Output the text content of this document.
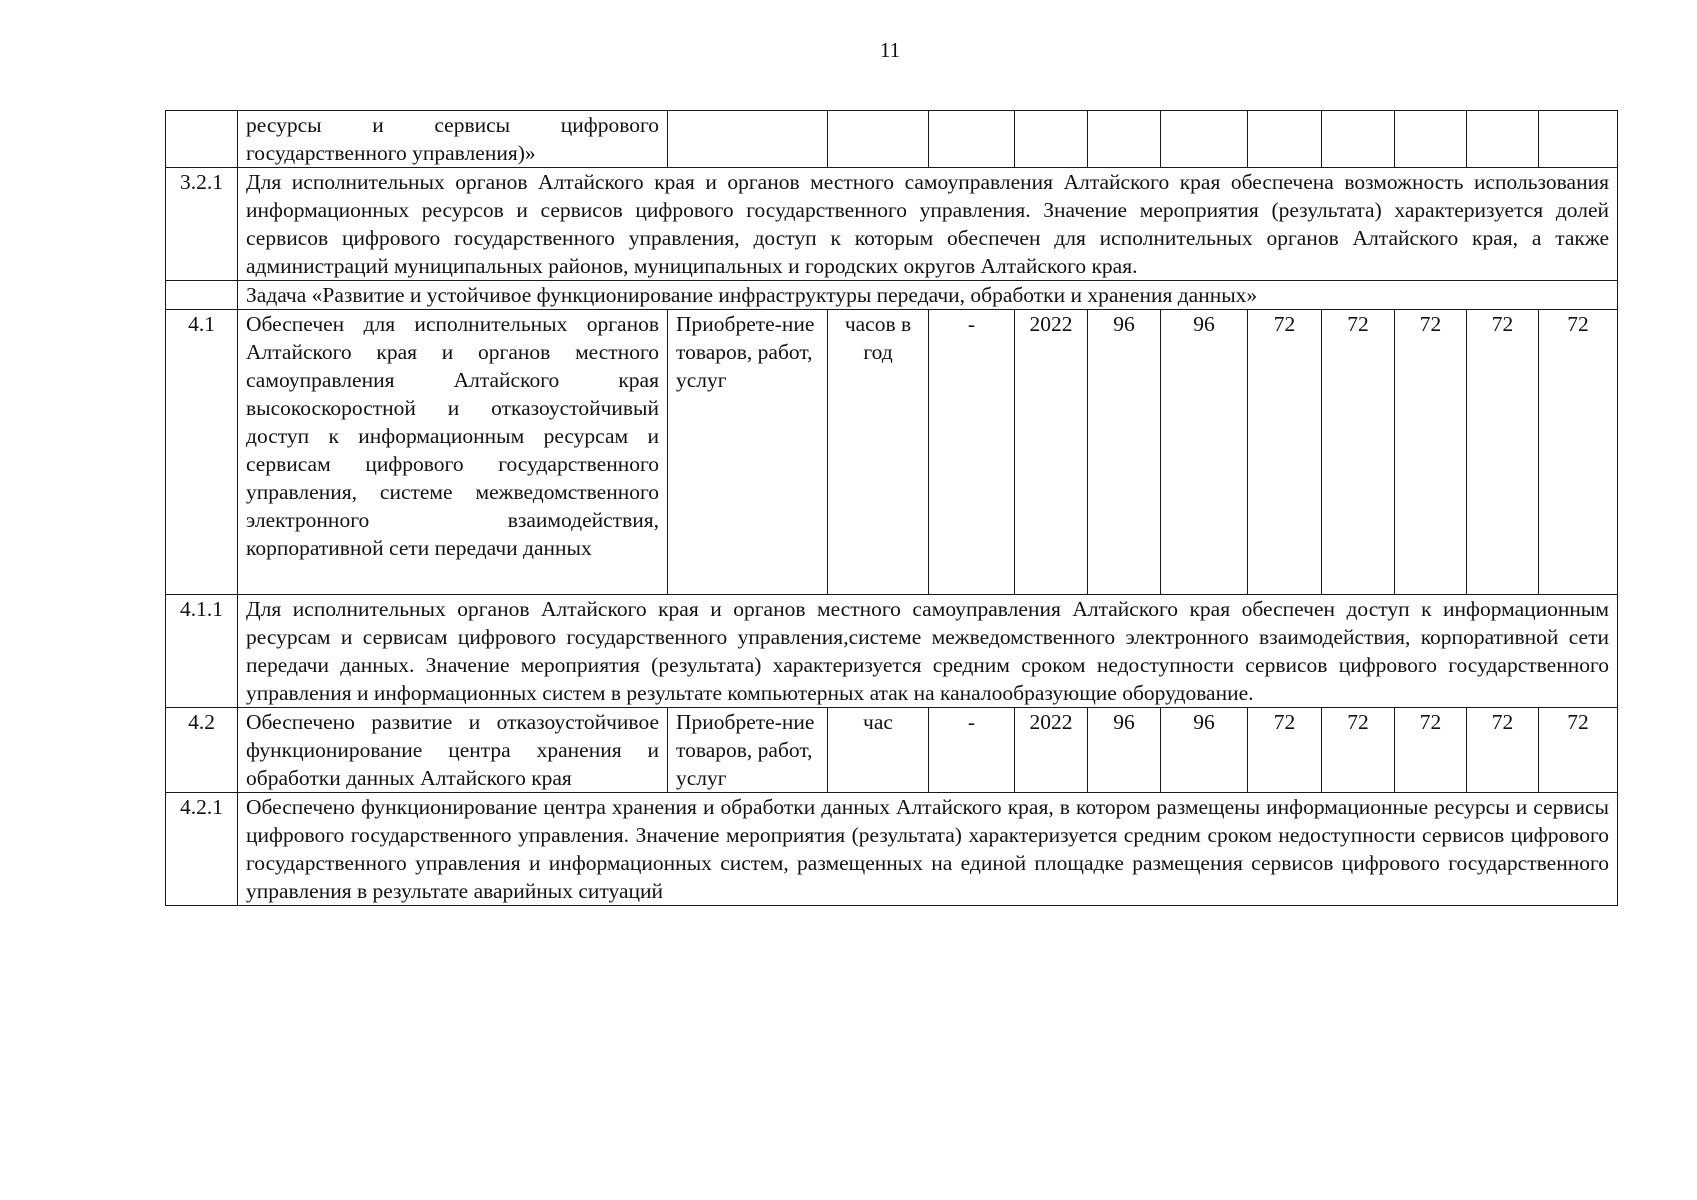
11

	ресурсы и сервисы цифрового
государственного управления)»											
3.2.1	Для исполнительных органов Алтайского края и органов местного самоуправления Алтайского края обеспечена возможность использования информационных ресурсов и сервисов цифрового государственного управления. Значение мероприятия (результата) характеризуется долей сервисов цифрового государственного управления, доступ к которым обеспечен для исполнительных органов Алтайского края, а также администраций муниципальных районов, муниципальных и городских округов Алтайского края.											
	Задача «Развитие и устойчивое функционирование инфраструктуры передачи, обработки и хранения данных»											
4.1	Обеспечен для исполнительных органов Алтайского края и органов местного самоуправления Алтайского края высокоскоростной и отказоустойчивый доступ к информационным ресурсам и сервисам цифрового государственного управления, системе межведомственного электронного взаимодействия, корпоративной сети передачи данных	Приобрете-ние товаров, работ, услуг	часов в год	-	2022	96	96	72	72	72	72	72
4.1.1	Для исполнительных органов Алтайского края и органов местного самоуправления Алтайского края обеспечен доступ к информационным ресурсам и сервисам цифрового государственного управления,системе межведомственного электронного взаимодействия, корпоративной сети передачи данных. Значение мероприятия (результата) характеризуется средним сроком недоступности сервисов цифрового государственного управления и информационных систем в результате компьютерных атак на каналообразующие оборудование.											
4.2	Обеспечено развитие и отказоустойчивое функционирование центра хранения и обработки данных Алтайского края	Приобрете-ние товаров, работ, услуг	час	-	2022	96	96	72	72	72	72	72
4.2.1	Обеспечено функционирование центра хранения и обработки данных Алтайского края, в котором размещены информационные ресурсы и сервисы цифрового государственного управления. Значение мероприятия (результата) характеризуется средним сроком недоступности сервисов цифрового государственного управления и информационных систем, размещенных на единой площадке размещения сервисов цифрового государственного управления в результате аварийных ситуаций											
